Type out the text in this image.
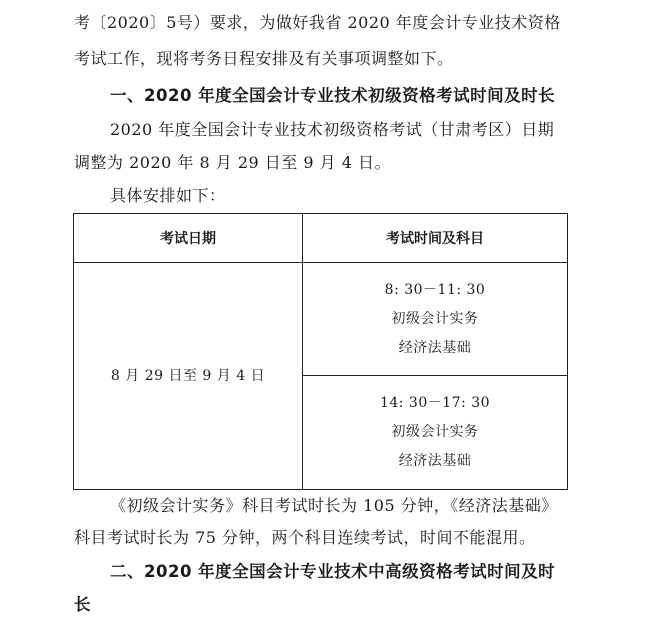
考〔2020〕5号）要求，为做好我省 2020 年度会计专业技术资格
考试工作，现将考务日程安排及有关事项调整如下。
一、2020 年度全国会计专业技术初级资格考试时间及时长
2020 年度全国会计专业技术初级资格考试（甘肃考区）日期
调整为 2020 年 8 月 29 日至 9 月 4 日。
具体安排如下：
考试日期	考试时间及科目

8 月 29 日至 9 月 4 日	8: 30－11: 30
初级会计实务
经济法基础

	14: 30－17: 30
初级会计实务
经济法基础
《初级会计实务》科目考试时长为 105 分钟，《经济法基础》
科目考试时长为 75 分钟，两个科目连续考试，时间不能混用。
二、2020 年度全国会计专业技术中高级资格考试时间及时
长
